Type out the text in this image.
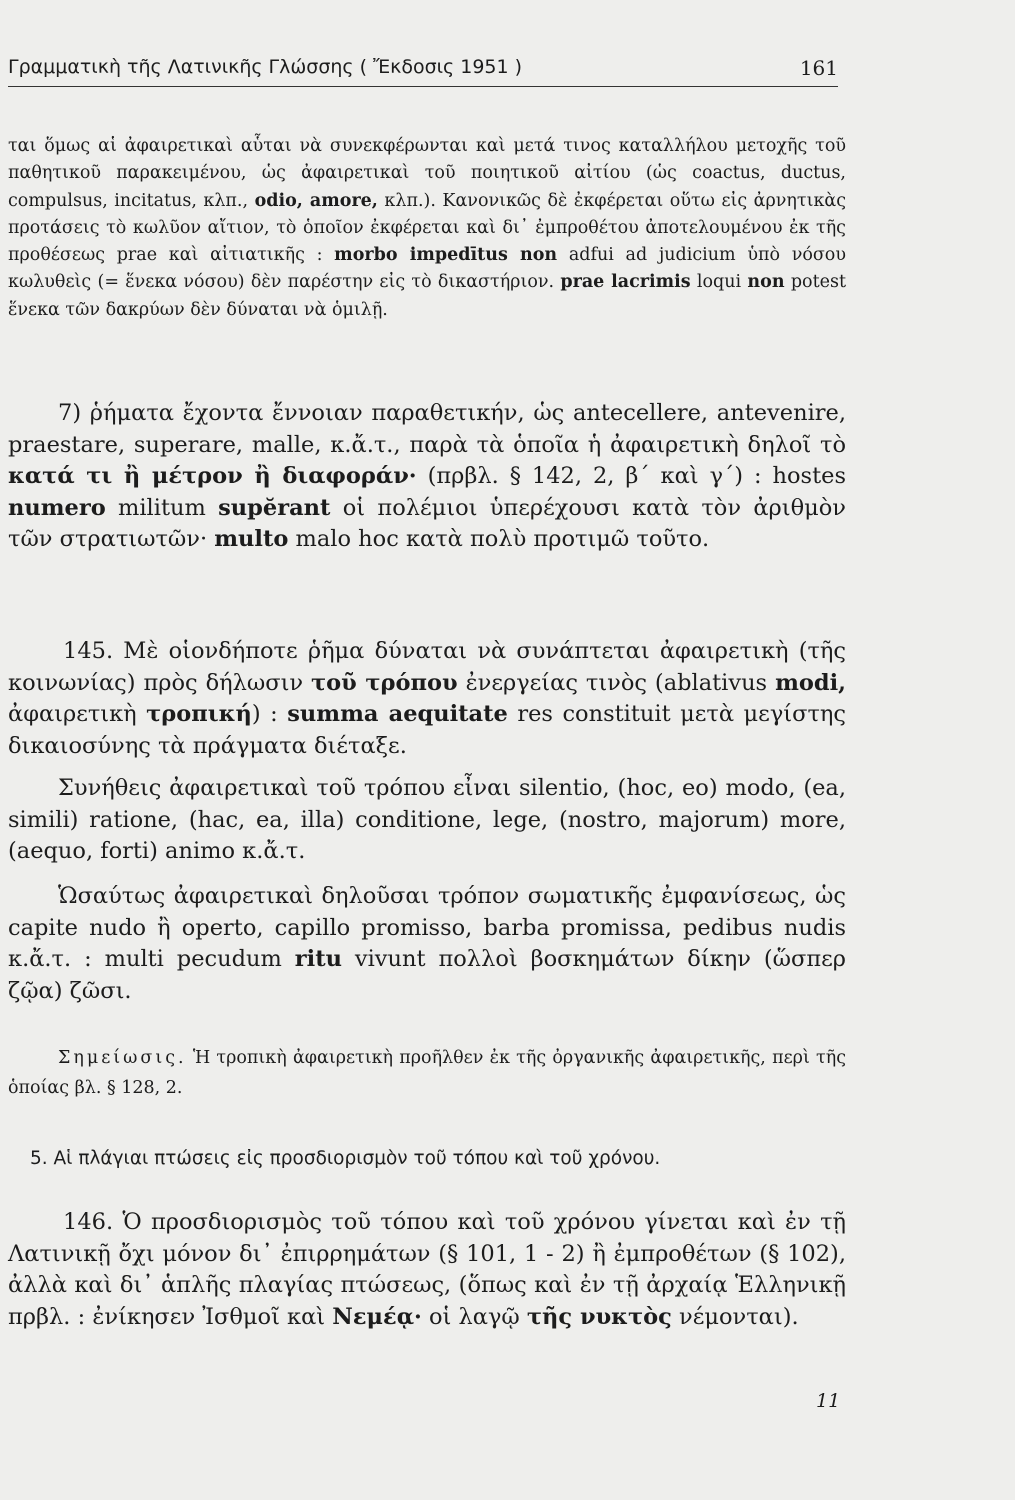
Γραμματικὴ τῆς Λατινικῆς Γλώσσης ( Ἔκδοσις 1951 )	161
ται ὅμως αἱ ἀφαιρετικαὶ αὗται νὰ συνεκφέρωνται καὶ μετά τινος καταλλήλου μετοχῆς τοῦ παθητικοῦ παρακειμένου, ὡς ἀφαιρετικαὶ τοῦ ποιητικοῦ αἰτίου (ὡς coactus, ductus, compulsus, incitatus, κλπ., odio, amore, κλπ.). Κανονικῶς δὲ ἐκφέρεται οὕτω εἰς ἀρνητικὰς προτάσεις τὸ κωλῦον αἴτιον, τὸ ὁποῖον ἐκφέρεται καὶ δι᾿ ἐμπροθέτου ἀποτελουμένου ἐκ τῆς προθέσεως prae καὶ αἰτιατικῆς : morbo impedītus non adfui ad judicium ὑπὸ νόσου κωλυθεὶς (= ἕνεκα νόσου) δὲν παρέστην εἰς τὸ δικαστήριον. prae lacrimis loqui non potest ἕνεκα τῶν δακρύων δὲν δύναται νὰ ὁμιλῇ.
7) ῥήματα ἔχοντα ἔννοιαν παραθετικήν, ὡς antecellere, antevenire, praestare, superare, malle, κ.ἄ.τ., παρὰ τὰ ὁποῖα ἡ ἀφαιρετικὴ δηλοῖ τὸ κατά τι ἢ μέτρον ἢ διαφοράν· (πρβλ. § 142, 2, β΄ καὶ γ΄) : hostes numero militum supĕrant οἱ πολέμιοι ὑπερέχουσι κατὰ τὸν ἀριθμὸν τῶν στρατιωτῶν· multo malo hoc κατὰ πολὺ προτιμῶ τοῦτο.
145. Μὲ οἱονδήποτε ῥῆμα δύναται νὰ συνάπτεται ἀφαιρετικὴ (τῆς κοινωνίας) πρὸς δήλωσιν τοῦ τρόπου ἐνεργείας τινὸς (ablativus modi, ἀφαιρετικὴ τροπική) : summa aequitate res constituit μετὰ μεγίστης δικαιοσύνης τὰ πράγματα διέταξε.
Συνήθεις ἀφαιρετικαὶ τοῦ τρόπου εἶναι silentio, (hoc, eo) modo, (ea, simili) ratione, (hac, ea, illa) conditione, lege, (nostro, majorum) more, (aequo, forti) animo κ.ἄ.τ.
Ὡσαύτως ἀφαιρετικαὶ δηλοῦσαι τρόπον σωματικῆς ἐμφανίσεως, ὡς capite nudo ἢ operto, capillo promisso, barba promissa, pedibus nudis κ.ἄ.τ. : multi pecudum ritu vivunt πολλοὶ βοσκημάτων δίκην (ὥσπερ ζῷα) ζῶσι.
Σημείωσις. Ἡ τροπικὴ ἀφαιρετικὴ προῆλθεν ἐκ τῆς ὀργανικῆς ἀφαιρετικῆς, περὶ τῆς ὁποίας βλ. § 128, 2.
5. Αἱ πλάγιαι πτώσεις εἰς προσδιορισμὸν τοῦ τόπου καὶ τοῦ χρόνου.
146. Ὁ προσδιορισμὸς τοῦ τόπου καὶ τοῦ χρόνου γίνεται καὶ ἐν τῇ Λατινικῇ ὄχι μόνον δι᾿ ἐπιρρημάτων (§ 101, 1 - 2) ἢ ἐμπροθέτων (§ 102), ἀλλὰ καὶ δι᾿ ἁπλῆς πλαγίας πτώσεως, (ὅπως καὶ ἐν τῇ ἀρχαίᾳ Ἑλληνικῇ πρβλ. : ἐνίκησεν Ἰσθμοῖ καὶ Νεμέᾳ· οἱ λαγῷ τῆς νυκτὸς νέμονται).
11
